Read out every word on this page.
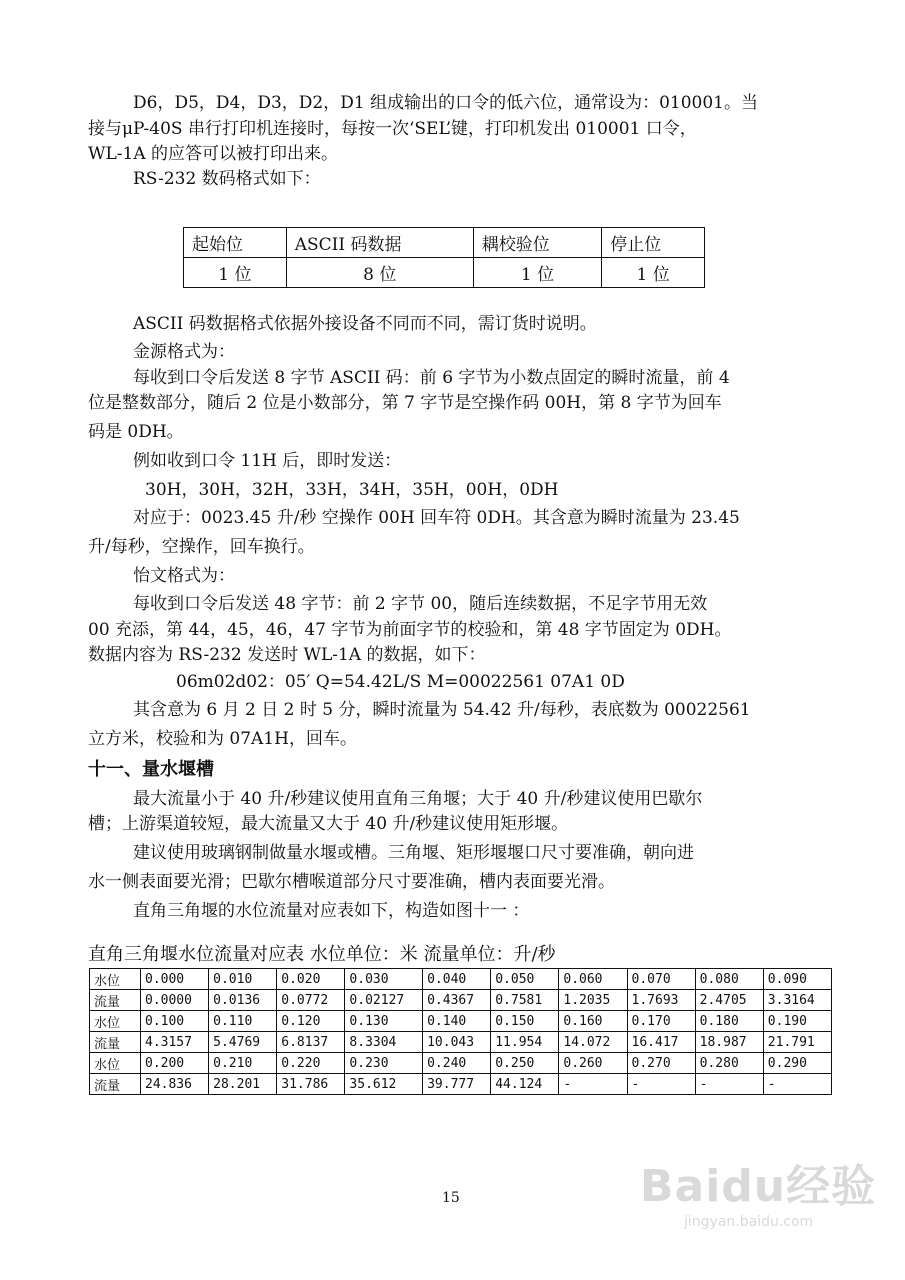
D6，D5，D4，D3，D2，D1 组成输出的口令的低六位，通常设为：010001。当
接与μP-40S 串行打印机连接时，每按一次‘SEL’键，打印机发出 010001 口令，
WL-1A 的应答可以被打印出来。
RS-232 数码格式如下：
起始位	ASCII 码数据	耦校验位	停止位
1 位	8 位	1 位	1 位
ASCII 码数据格式依据外接设备不同而不同，需订货时说明。
金源格式为：
每收到口令后发送 8 字节 ASCII 码：前 6 字节为小数点固定的瞬时流量，前 4
位是整数部分，随后 2 位是小数部分，第 7 字节是空操作码 00H，第 8 字节为回车
码是 0DH。
例如收到口令 11H 后，即时发送：
30H，30H，32H，33H，34H，35H，00H，0DH
对应于：0023.45 升/秒 空操作 00H 回车符 0DH。其含意为瞬时流量为 23.45
升/每秒，空操作，回车换行。
怡文格式为：
每收到口令后发送 48 字节：前 2 字节 00，随后连续数据，不足字节用无效
00 充添，第 44，45，46，47 字节为前面字节的校验和，第 48 字节固定为 0DH。
数据内容为 RS-232 发送时 WL-1A 的数据，如下：
06m02d02：05′ Q=54.42L/S M=00022561 07A1 0D
其含意为 6 月 2 日 2 时 5 分，瞬时流量为 54.42 升/每秒，表底数为 00022561
立方米，校验和为 07A1H，回车。
十一、量水堰槽
最大流量小于 40 升/秒建议使用直角三角堰；大于 40 升/秒建议使用巴歇尔
槽；上游渠道较短，最大流量又大于 40 升/秒建议使用矩形堰。
建议使用玻璃钢制做量水堰或槽。三角堰、矩形堰堰口尺寸要准确，朝向进
水一侧表面要光滑；巴歇尔槽喉道部分尺寸要准确，槽内表面要光滑。
直角三角堰的水位流量对应表如下，构造如图十一 ：
直角三角堰水位流量对应表 水位单位：米 流量单位：升/秒
水位	0.000	0.010	0.020	0.030	0.040	0.050	0.060	0.070	0.080	0.090
流量	0.0000	0.0136	0.0772	0.02127	0.4367	0.7581	1.2035	1.7693	2.4705	3.3164
水位	0.100	0.110	0.120	0.130	0.140	0.150	0.160	0.170	0.180	0.190
流量	4.3157	5.4769	6.8137	8.3304	10.043	11.954	14.072	16.417	18.987	21.791
水位	0.200	0.210	0.220	0.230	0.240	0.250	0.260	0.270	0.280	0.290
流量	24.836	28.201	31.786	35.612	39.777	44.124	-	-	-	-
15	Baidu经验
jingyan.baidu.com
